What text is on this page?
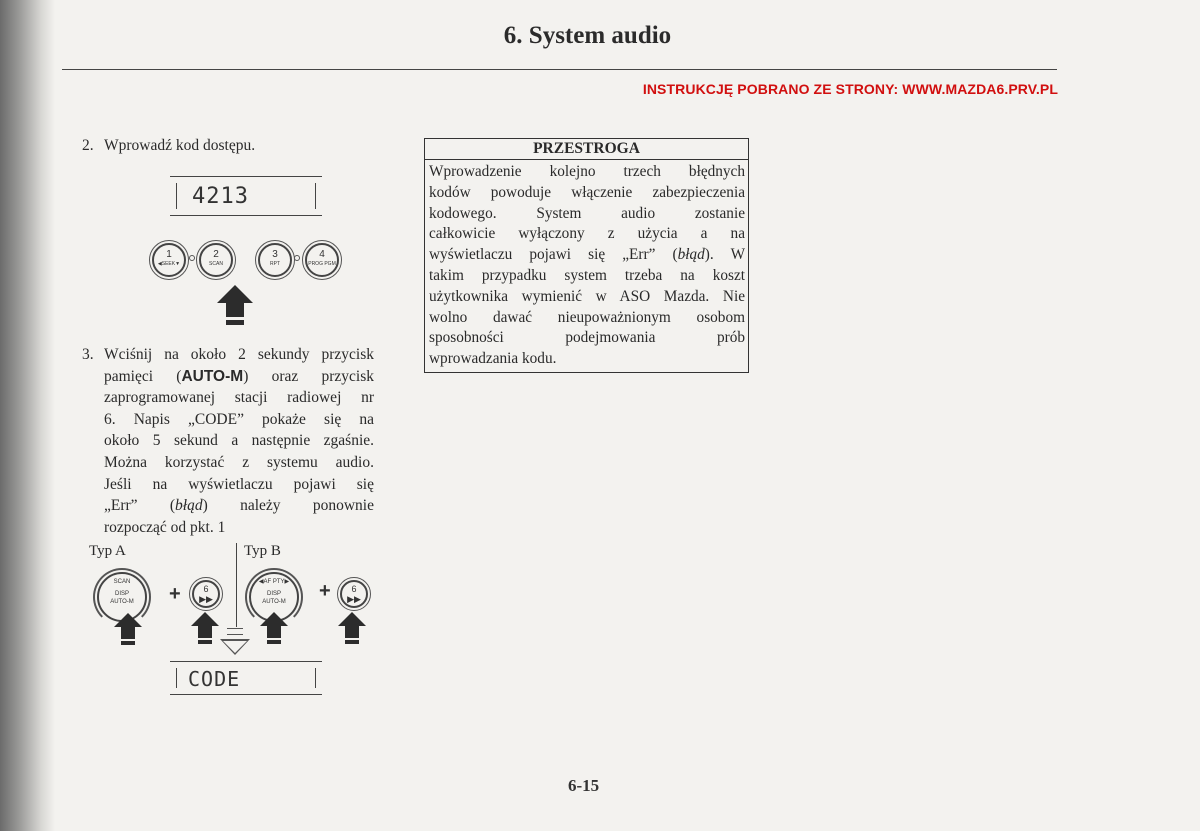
6. System audio
INSTRUKCJĘ POBRANO ZE STRONY: WWW.MAZDA6.PRV.PL
2. Wprowadź kod dostępu.
4213
1
◀SEEK▼
2
SCAN
3
RPT
4
PROG PGM
3. Wciśnij na około 2 sekundy przycisk
pamięci (AUTO-M) oraz przycisk
zaprogramowanej stacji radiowej nr
6. Napis „CODE” pokaże się na
około 5 sekund a następnie zgaśnie.
Można korzystać z systemu audio.
Jeśli na wyświetlaczu pojawi się
„Err” (błąd) należy ponownie
rozpocząć od pkt. 1
Typ A	Typ B
SCAN
DISP
AUTO-M	+	6
▶▶
◀AF PTY▶
DISP
AUTO-M	+	6
▶▶
CODE
PRZESTROGA
Wprowadzenie kolejno trzech błędnych
kodów powoduje włączenie zabezpieczenia
kodowego. System audio zostanie
całkowicie wyłączony z użycia a na
wyświetlaczu pojawi się „Err” (błąd). W
takim przypadku system trzeba na koszt
użytkownika wymienić w ASO Mazda. Nie
wolno dawać nieupoważnionym osobom
sposobności podejmowania prób
wprowadzania kodu.
6-15
